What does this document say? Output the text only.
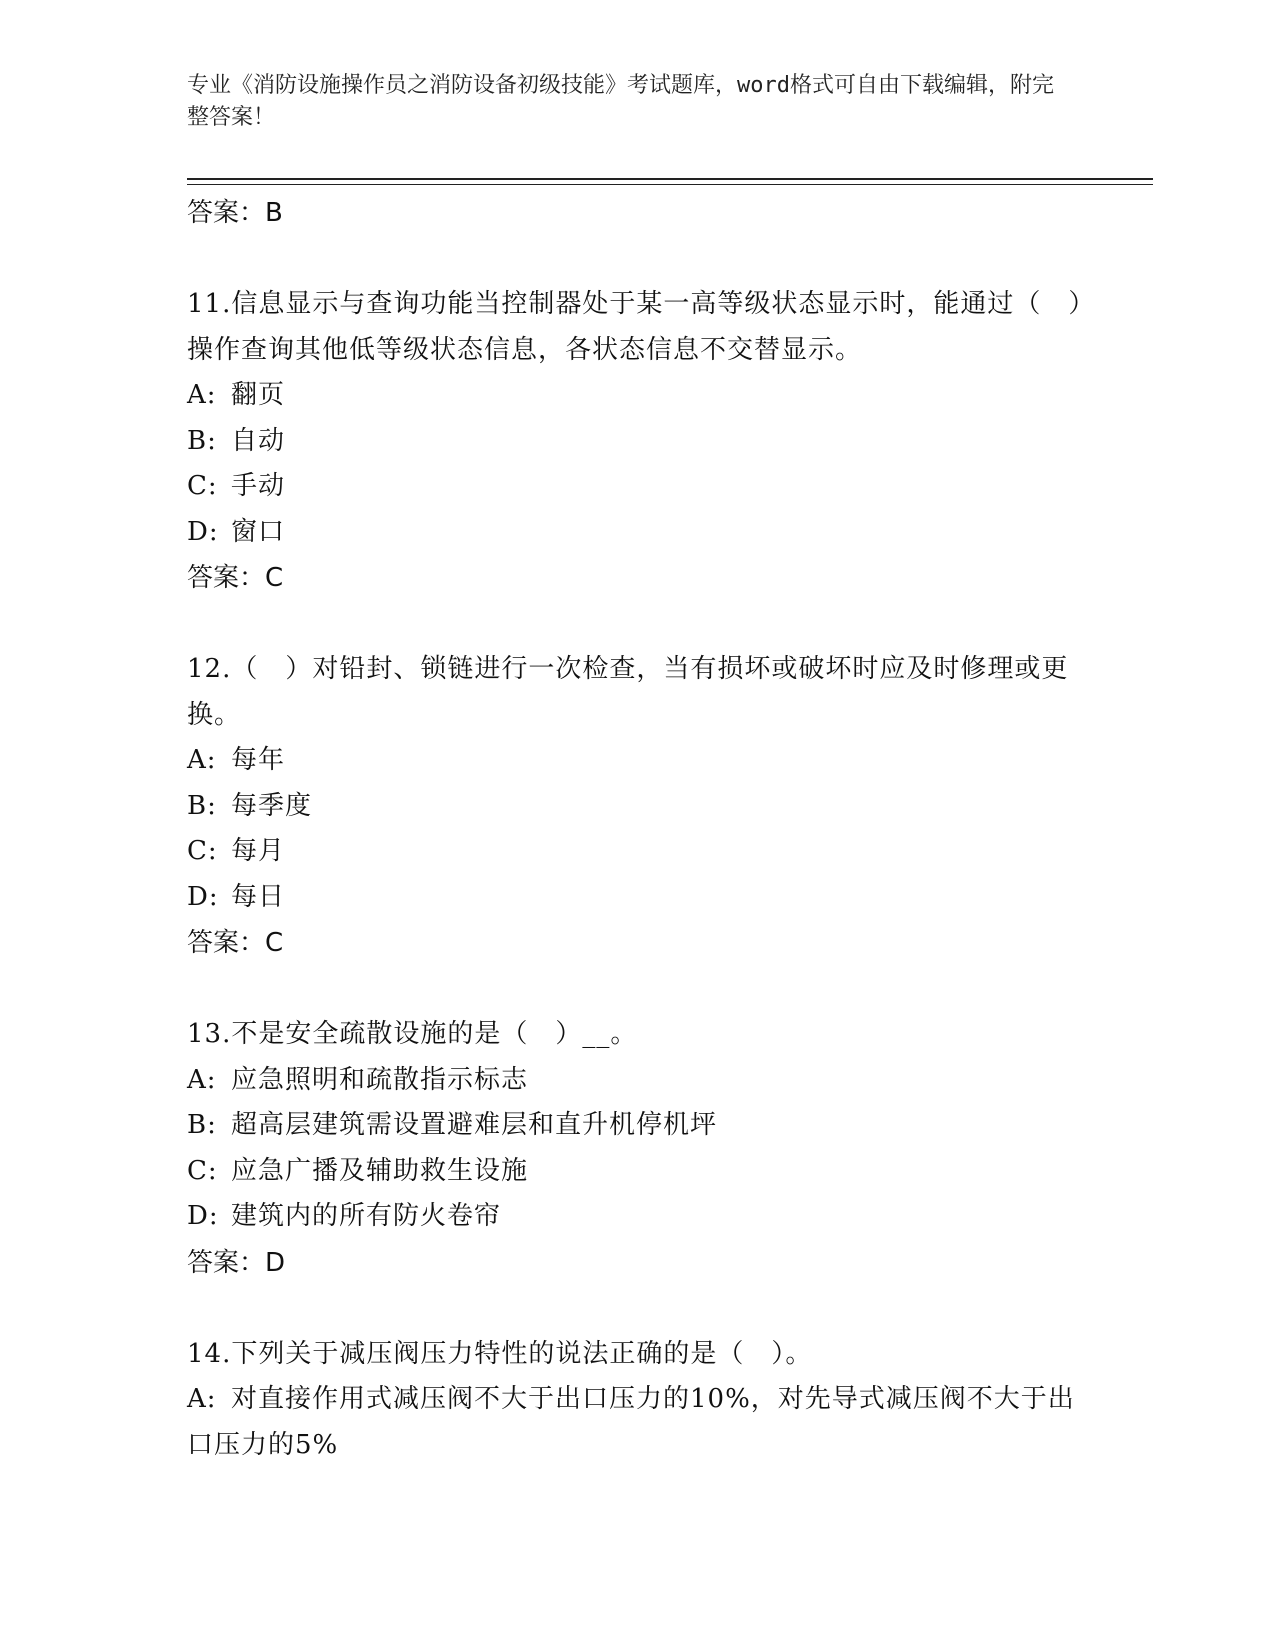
专业《消防设施操作员之消防设备初级技能》考试题库，word格式可自由下载编辑，附完整答案！

答案：B

11.信息显示与查询功能当控制器处于某一高等级状态显示时，能通过（　）操作查询其他低等级状态信息，各状态信息不交替显示。

A: 翻页

B: 自动

C: 手动

D: 窗口

答案：C

12.（　）对铅封、锁链进行一次检查，当有损坏或破坏时应及时修理或更换。

A: 每年

B: 每季度

C: 每月

D: 每日

答案：C

13.不是安全疏散设施的是（　）__。

A: 应急照明和疏散指示标志

B: 超高层建筑需设置避难层和直升机停机坪

C: 应急广播及辅助救生设施

D: 建筑内的所有防火卷帘

答案：D

14.下列关于减压阀压力特性的说法正确的是（　）。

A: 对直接作用式减压阀不大于出口压力的10%，对先导式减压阀不大于出口压力的5%
